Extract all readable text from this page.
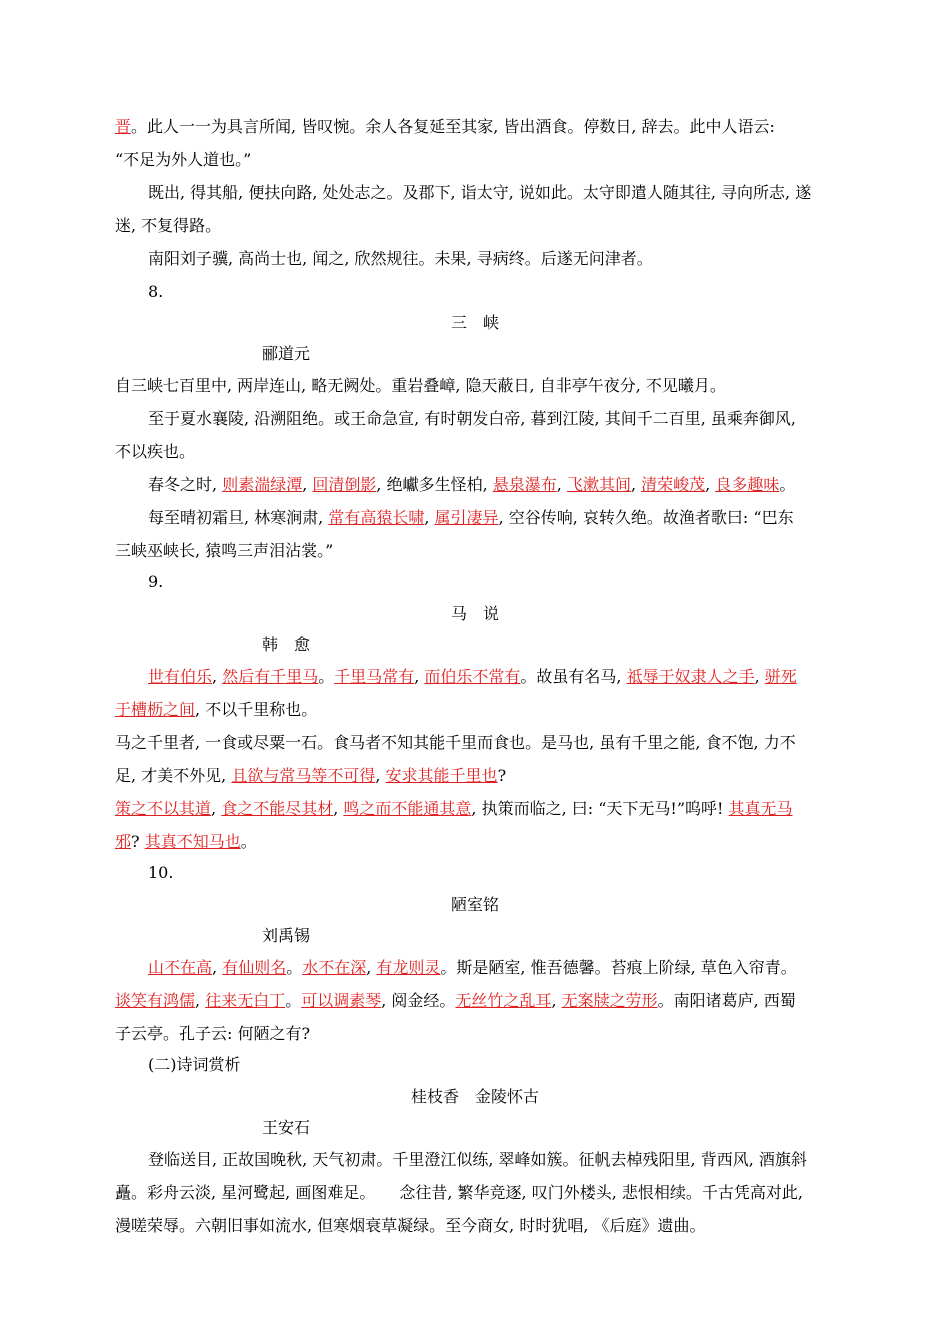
晋。此人一一为具言所闻, 皆叹惋。余人各复延至其家, 皆出酒食。停数日, 辞去。此中人语云:
“不足为外人道也。”
既出, 得其船, 便扶向路, 处处志之。及郡下, 诣太守, 说如此。太守即遣人随其往, 寻向所志, 遂
迷, 不复得路。
南阳刘子骥, 高尚士也, 闻之, 欣然规往。未果, 寻病终。后遂无问津者。
8.
三　峡
郦道元
自三峡七百里中, 两岸连山, 略无阙处。重岩叠嶂, 隐天蔽日, 自非亭午夜分, 不见曦月。
至于夏水襄陵, 沿溯阻绝。或王命急宣, 有时朝发白帝, 暮到江陵, 其间千二百里, 虽乘奔御风,
不以疾也。
春冬之时, 则素湍绿潭, 回清倒影, 绝巘多生怪柏, 悬泉瀑布, 飞漱其间, 清荣峻茂, 良多趣味。
每至晴初霜旦, 林寒涧肃, 常有高猿长啸, 属引凄异, 空谷传响, 哀转久绝。故渔者歌曰: “巴东
三峡巫峡长, 猿鸣三声泪沾裳。”
9.
马　说
韩　愈
世有伯乐, 然后有千里马。千里马常有, 而伯乐不常有。故虽有名马, 祗辱于奴隶人之手, 骈死
于槽枥之间, 不以千里称也。
马之千里者, 一食或尽粟一石。食马者不知其能千里而食也。是马也, 虽有千里之能, 食不饱, 力不
足, 才美不外见, 且欲与常马等不可得, 安求其能千里也?
策之不以其道, 食之不能尽其材, 鸣之而不能通其意, 执策而临之, 曰: “天下无马!”呜呼! 其真无马
邪? 其真不知马也。
10.
陋室铭
刘禹锡
山不在高, 有仙则名。水不在深, 有龙则灵。斯是陋室, 惟吾德馨。苔痕上阶绿, 草色入帘青。
谈笑有鸿儒, 往来无白丁。可以调素琴, 阅金经。无丝竹之乱耳, 无案牍之劳形。南阳诸葛庐, 西蜀
子云亭。孔子云: 何陋之有?
(二)诗词赏析
桂枝香　金陵怀古
王安石
登临送目, 正故国晚秋, 天气初肃。千里澄江似练, 翠峰如簇。征帆去棹残阳里, 背西风, 酒旗斜
矗。彩舟云淡, 星河鹭起, 画图难足。　　念往昔, 繁华竞逐, 叹门外楼头, 悲恨相续。千古凭高对此,
漫嗟荣辱。六朝旧事如流水, 但寒烟衰草凝绿。至今商女, 时时犹唱, 《后庭》遗曲。
